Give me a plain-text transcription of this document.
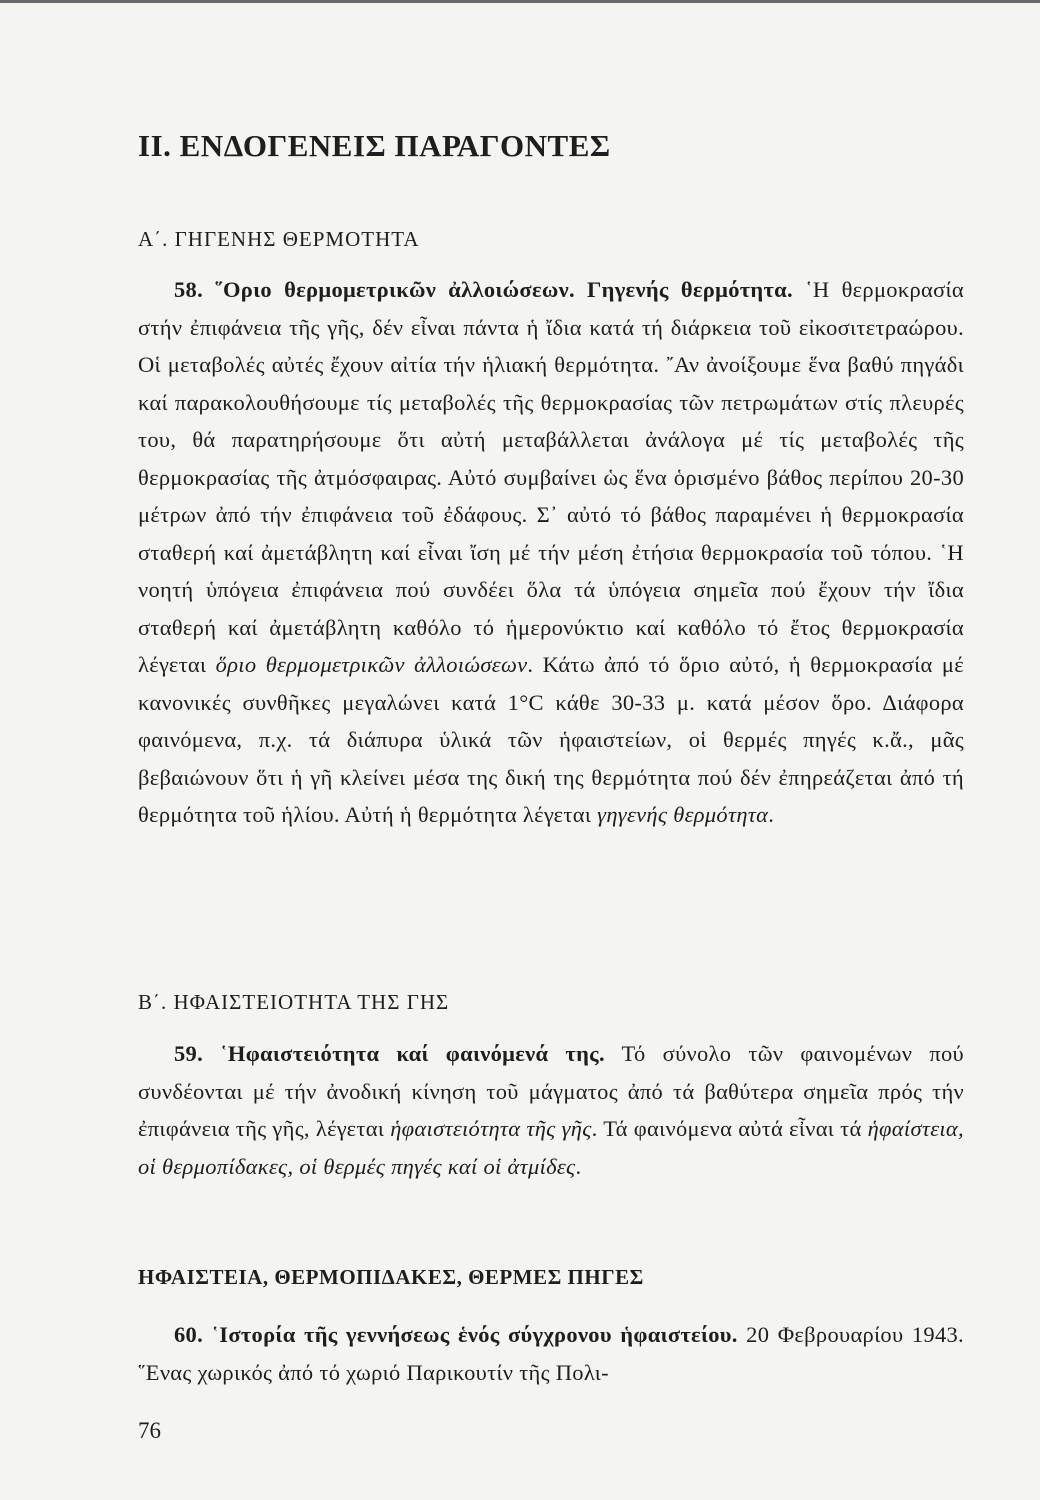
II. ΕΝΔΟΓΕΝΕΙΣ ΠΑΡΑΓΟΝΤΕΣ
Α΄. ΓΗΓΕΝΗΣ ΘΕΡΜΟΤΗΤΑ

58. ῞Οριο θερμομετρικῶν ἀλλοιώσεων. Γηγενής θερμότητα. ῾Η θερμοκρασία στήν ἐπιφάνεια τῆς γῆς, δέν εἶναι πάντα ἡ ἴδια κατά τή διάρκεια τοῦ εἰκοσιτετραώρου. Οἱ μεταβολές αὐτές ἔχουν αἰτία τήν ἡλιακή θερμότητα. ῎Αν ἀνοίξουμε ἕνα βαθύ πηγάδι καί παρακολουθήσουμε τίς μεταβολές τῆς θερμοκρασίας τῶν πετρωμάτων στίς πλευρές του, θά παρατηρήσουμε ὅτι αὐτή μεταβάλλεται ἀνάλογα μέ τίς μεταβολές τῆς θερμοκρασίας τῆς ἀτμόσφαιρας. Αὐτό συμβαίνει ὡς ἕνα ὁρισμένο βάθος περίπου 20-30 μέτρων ἀπό τήν ἐπιφάνεια τοῦ ἐδάφους. Σ᾽ αὐτό τό βάθος παραμένει ἡ θερμοκρασία σταθερή καί ἀμετάβλητη καί εἶναι ἴση μέ τήν μέση ἐτήσια θερμοκρασία τοῦ τόπου. ῾Η νοητή ὑπόγεια ἐπιφάνεια πού συνδέει ὅλα τά ὑπόγεια σημεῖα πού ἔχουν τήν ἴδια σταθερή καί ἀμετάβλητη καθόλο τό ἡμερονύκτιο καί καθόλο τό ἔτος θερμοκρασία λέγεται ὅριο θερμομετρικῶν ἀλλοιώσεων. Κάτω ἀπό τό ὅριο αὐτό, ἡ θερμοκρασία μέ κανονικές συνθῆκες μεγαλώνει κατά 1°C κάθε 30-33 μ. κατά μέσον ὅρο. Διάφορα φαινόμενα, π.χ. τά διάπυρα ὑλικά τῶν ἡφαιστείων, οἱ θερμές πηγές κ.ἄ., μᾶς βεβαιώνουν ὅτι ἡ γῆ κλείνει μέσα της δική της θερμότητα πού δέν ἐπηρεάζεται ἀπό τή θερμότητα τοῦ ἡλίου. Αὐτή ἡ θερμότητα λέγεται γηγενής θερμότητα.

Β΄. ΗΦΑΙΣΤΕΙΟΤΗΤΑ ΤΗΣ ΓΗΣ

59. ῾Ηφαιστειότητα καί φαινόμενά της. Τό σύνολο τῶν φαινομένων πού συνδέονται μέ τήν ἀνοδική κίνηση τοῦ μάγματος ἀπό τά βαθύτερα σημεῖα πρός τήν ἐπιφάνεια τῆς γῆς, λέγεται ἡφαιστειότητα τῆς γῆς. Τά φαινόμενα αὐτά εἶναι τά ἡφαίστεια, οἱ θερμοπίδακες, οἱ θερμές πηγές καί οἱ ἀτμίδες.

ΗΦΑΙΣΤΕΙΑ, ΘΕΡΜΟΠΙΔΑΚΕΣ, ΘΕΡΜΕΣ ΠΗΓΕΣ

60. ῾Ιστορία τῆς γεννήσεως ἑνός σύγχρονου ἡφαιστείου. 20 Φεβρουαρίου 1943. ῞Ενας χωρικός ἀπό τό χωριό Παρικουτίν τῆς Πολι-

76
